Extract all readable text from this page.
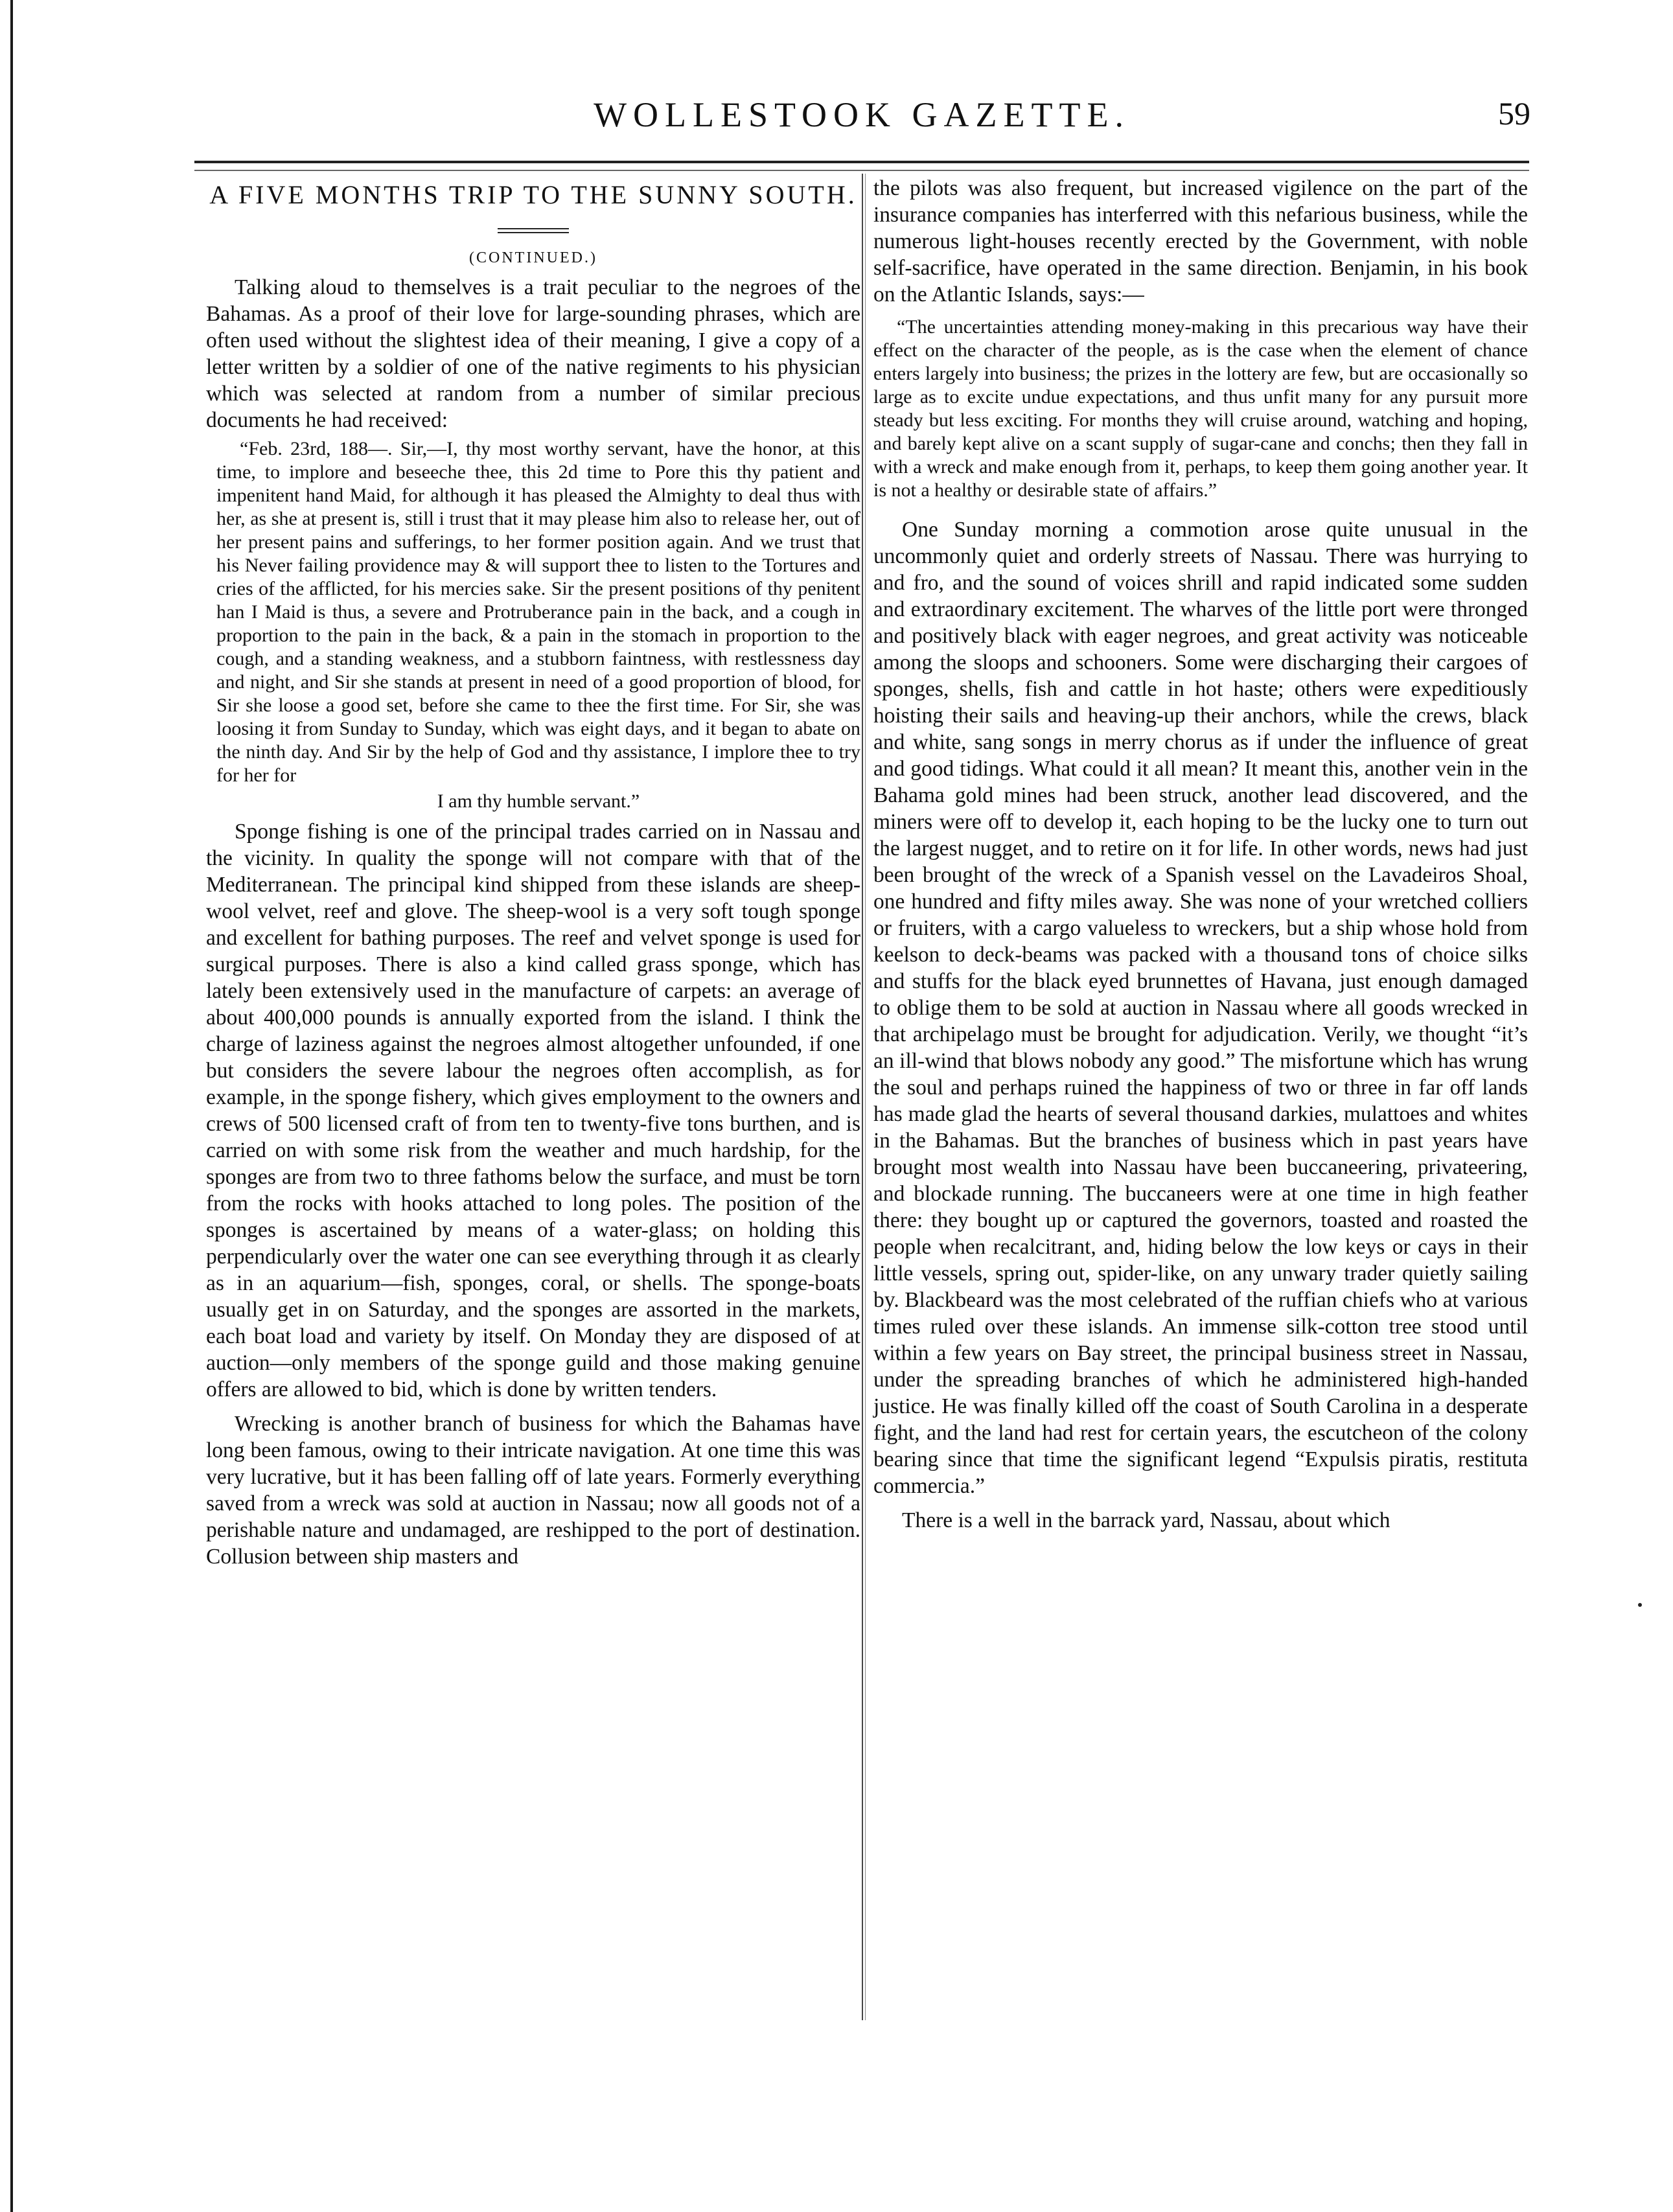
WOLLESTOOK GAZETTE.	59
A FIVE MONTHS TRIP TO THE SUNNY SOUTH.
(CONTINUED.)

Talking aloud to themselves is a trait peculiar to the negroes of the Bahamas. As a proof of their love for large-sounding phrases, which are often used without the slightest idea of their meaning, I give a copy of a letter written by a soldier of one of the native regiments to his physician which was selected at random from a number of similar precious documents he had received:

“Feb. 23rd, 188—. Sir,—I, thy most worthy servant, have the honor, at this time, to implore and beseeche thee, this 2d time to Pore this thy patient and impenitent hand Maid, for although it has pleased the Almighty to deal thus with her, as she at present is, still i trust that it may please him also to release her, out of her present pains and sufferings, to her former position again. And we trust that his Never failing providence may & will support thee to listen to the Tortures and cries of the afflicted, for his mercies sake. Sir the present positions of thy penitent han I Maid is thus, a severe and Protruberance pain in the back, and a cough in proportion to the pain in the back, & a pain in the stomach in proportion to the cough, and a standing weakness, and a stubborn faintness, with restlessness day and night, and Sir she stands at present in need of a good proportion of blood, for Sir she loose a good set, before she came to thee the first time. For Sir, she was loosing it from Sunday to Sunday, which was eight days, and it began to abate on the ninth day. And Sir by the help of God and thy assistance, I implore thee to try for her for

I am thy humble servant.”

Sponge fishing is one of the principal trades carried on in Nassau and the vicinity. In quality the sponge will not compare with that of the Mediterranean. The principal kind shipped from these islands are sheep-wool velvet, reef and glove. The sheep-wool is a very soft tough sponge and excellent for bathing purposes. The reef and velvet sponge is used for surgical purposes. There is also a kind called grass sponge, which has lately been extensively used in the manufacture of carpets: an average of about 400,000 pounds is annually exported from the island. I think the charge of laziness against the negroes almost altogether unfounded, if one but considers the severe labour the negroes often accomplish, as for example, in the sponge fishery, which gives employment to the owners and crews of 500 licensed craft of from ten to twenty-five tons burthen, and is carried on with some risk from the weather and much hardship, for the sponges are from two to three fathoms below the surface, and must be torn from the rocks with hooks attached to long poles. The position of the sponges is ascertained by means of a water-glass; on holding this perpendicularly over the water one can see everything through it as clearly as in an aquarium—fish, sponges, coral, or shells. The sponge-boats usually get in on Saturday, and the sponges are assorted in the markets, each boat load and variety by itself. On Monday they are disposed of at auction—only members of the sponge guild and those making genuine offers are allowed to bid, which is done by written tenders.

Wrecking is another branch of business for which the Bahamas have long been famous, owing to their intricate navigation. At one time this was very lucrative, but it has been falling off of late years. Formerly everything saved from a wreck was sold at auction in Nassau; now all goods not of a perishable nature and undamaged, are reshipped to the port of destination. Collusion between ship masters and

the pilots was also frequent, but increased vigilence on the part of the insurance companies has interferred with this nefarious business, while the numerous light-houses recently erected by the Government, with noble self-sacrifice, have operated in the same direction. Benjamin, in his book on the Atlantic Islands, says:—

“The uncertainties attending money-making in this precarious way have their effect on the character of the people, as is the case when the element of chance enters largely into business; the prizes in the lottery are few, but are occasionally so large as to excite undue expectations, and thus unfit many for any pursuit more steady but less exciting. For months they will cruise around, watching and hoping, and barely kept alive on a scant supply of sugar-cane and conchs; then they fall in with a wreck and make enough from it, perhaps, to keep them going another year. It is not a healthy or desirable state of affairs.”

One Sunday morning a commotion arose quite unusual in the uncommonly quiet and orderly streets of Nassau. There was hurrying to and fro, and the sound of voices shrill and rapid indicated some sudden and extraordinary excitement. The wharves of the little port were thronged and positively black with eager negroes, and great activity was noticeable among the sloops and schooners. Some were discharging their cargoes of sponges, shells, fish and cattle in hot haste; others were expeditiously hoisting their sails and heaving-up their anchors, while the crews, black and white, sang songs in merry chorus as if under the influence of great and good tidings. What could it all mean? It meant this, another vein in the Bahama gold mines had been struck, another lead discovered, and the miners were off to develop it, each hoping to be the lucky one to turn out the largest nugget, and to retire on it for life. In other words, news had just been brought of the wreck of a Spanish vessel on the Lavadeiros Shoal, one hundred and fifty miles away. She was none of your wretched colliers or fruiters, with a cargo valueless to wreckers, but a ship whose hold from keelson to deck-beams was packed with a thousand tons of choice silks and stuffs for the black eyed brunnettes of Havana, just enough damaged to oblige them to be sold at auction in Nassau where all goods wrecked in that archipelago must be brought for adjudication. Verily, we thought “it’s an ill-wind that blows nobody any good.” The misfortune which has wrung the soul and perhaps ruined the happiness of two or three in far off lands has made glad the hearts of several thousand darkies, mulattoes and whites in the Bahamas. But the branches of business which in past years have brought most wealth into Nassau have been buccaneering, privateering, and blockade running. The buccaneers were at one time in high feather there: they bought up or captured the governors, toasted and roasted the people when recalcitrant, and, hiding below the low keys or cays in their little vessels, spring out, spider-like, on any unwary trader quietly sailing by. Blackbeard was the most celebrated of the ruffian chiefs who at various times ruled over these islands. An immense silk-cotton tree stood until within a few years on Bay street, the principal business street in Nassau, under the spreading branches of which he administered high-handed justice. He was finally killed off the coast of South Carolina in a desperate fight, and the land had rest for certain years, the escutcheon of the colony bearing since that time the significant legend “Expulsis piratis, restituta commercia.”

There is a well in the barrack yard, Nassau, about which
